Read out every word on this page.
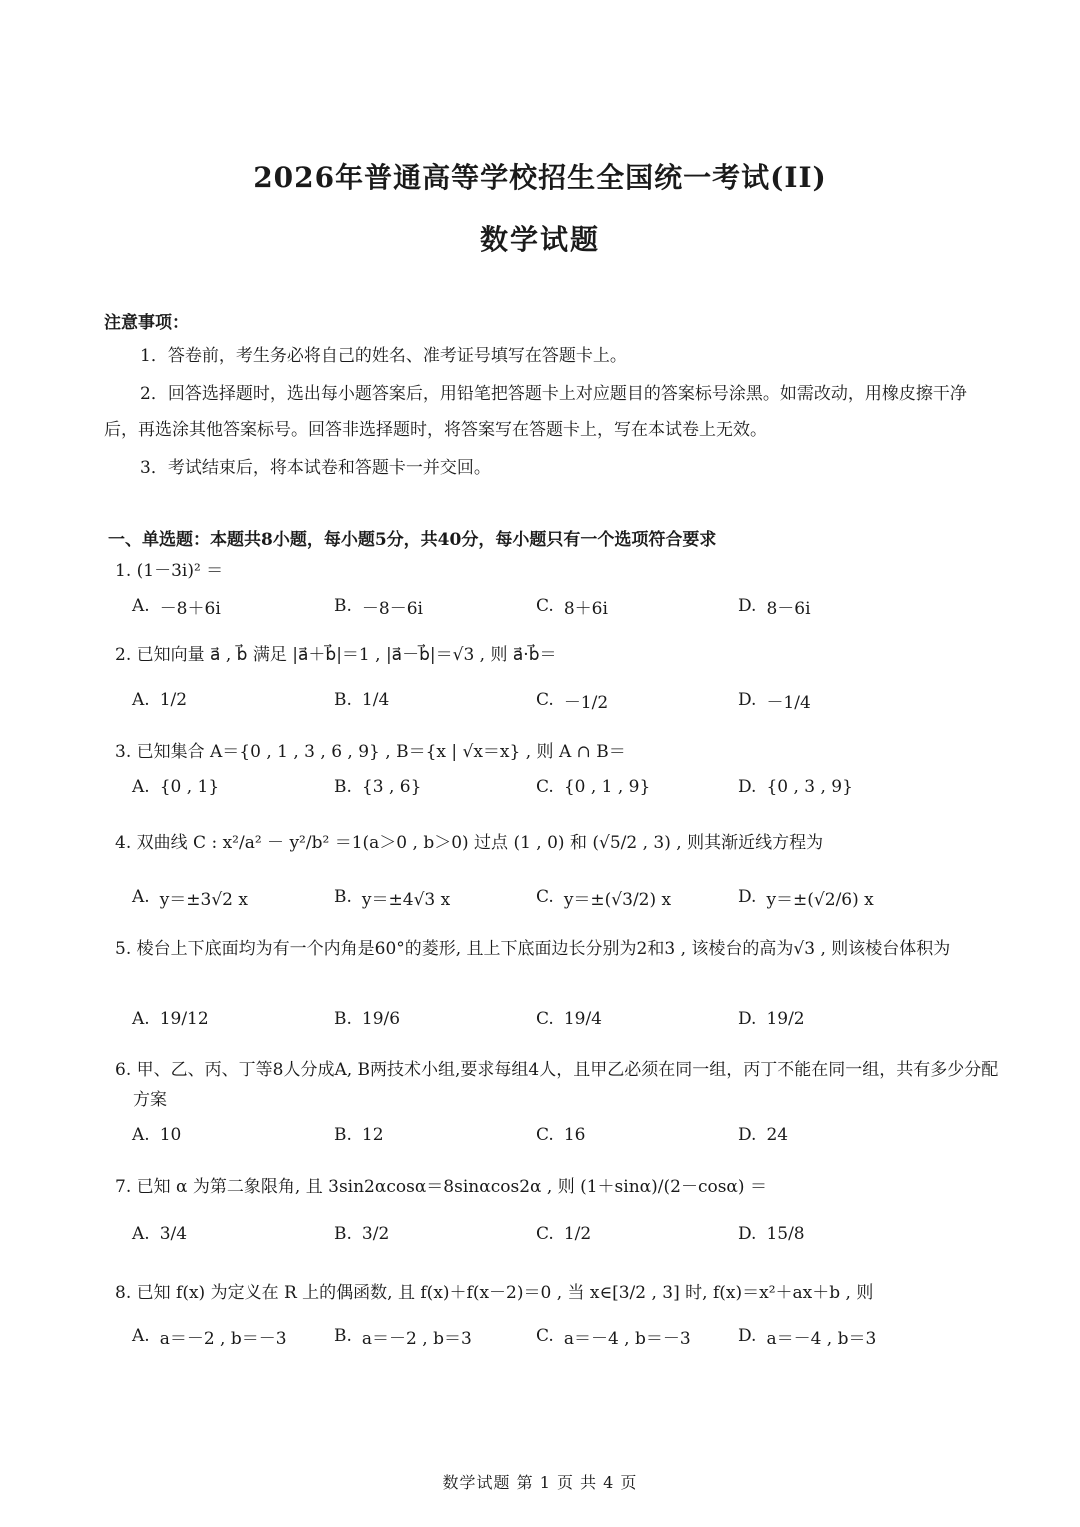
2026年普通高等学校招生全国统一考试(II)
数学试题
注意事项：
1．答卷前，考生务必将自己的姓名、准考证号填写在答题卡上。
2．回答选择题时，选出每小题答案后，用铅笔把答题卡上对应题目的答案标号涂黑。如需改动，用橡皮擦干净后，再选涂其他答案标号。回答非选择题时，将答案写在答题卡上，写在本试卷上无效。
3．考试结束后，将本试卷和答题卡一并交回。
一、单选题：本题共8小题，每小题5分，共40分，每小题只有一个选项符合要求
1. (1－3i)² ＝
A. －8＋6i	B. －8－6i	C. 8＋6i	D. 8－6i
2. 已知向量 a⃗ , b⃗ 满足 |a⃗＋b⃗|＝1 , |a⃗－b⃗|＝√3 , 则 a⃗·b⃗＝
A. 1/2	B. 1/4	C. －1/2	D. －1/4
3. 已知集合 A＝{0 , 1 , 3 , 6 , 9} , B＝{x | √x＝x} , 则 A ∩ B＝
A. {0 , 1}	B. {3 , 6}	C. {0 , 1 , 9}	D. {0 , 3 , 9}
4. 双曲线 C : x²/a² － y²/b² ＝1(a＞0 , b＞0) 过点 (1 , 0) 和 (√5/2 , 3) , 则其渐近线方程为
A. y＝±3√2 x	B. y＝±4√3 x	C. y＝±(√3/2) x	D. y＝±(√2/6) x
5. 棱台上下底面均为有一个内角是60°的菱形, 且上下底面边长分别为2和3 , 该棱台的高为√3 , 则该棱台体积为
A. 19/12	B. 19/6	C. 19/4	D. 19/2
6. 甲、乙、丙、丁等8人分成A, B两技术小组,要求每组4人，且甲乙必须在同一组，丙丁不能在同一组，共有多少分配方案
A. 10	B. 12	C. 16	D. 24
7. 已知 α 为第二象限角, 且 3sin2αcosα＝8sinαcos2α , 则 (1＋sinα)/(2－cosα) ＝
A. 3/4	B. 3/2	C. 1/2	D. 15/8
8. 已知 f(x) 为定义在 R 上的偶函数, 且 f(x)＋f(x－2)＝0 , 当 x∈[3/2 , 3] 时, f(x)＝x²＋ax＋b , 则
A. a＝－2 , b＝－3	B. a＝－2 , b＝3	C. a＝－4 , b＝－3	D. a＝－4 , b＝3
数学试题 第 1 页 共 4 页
